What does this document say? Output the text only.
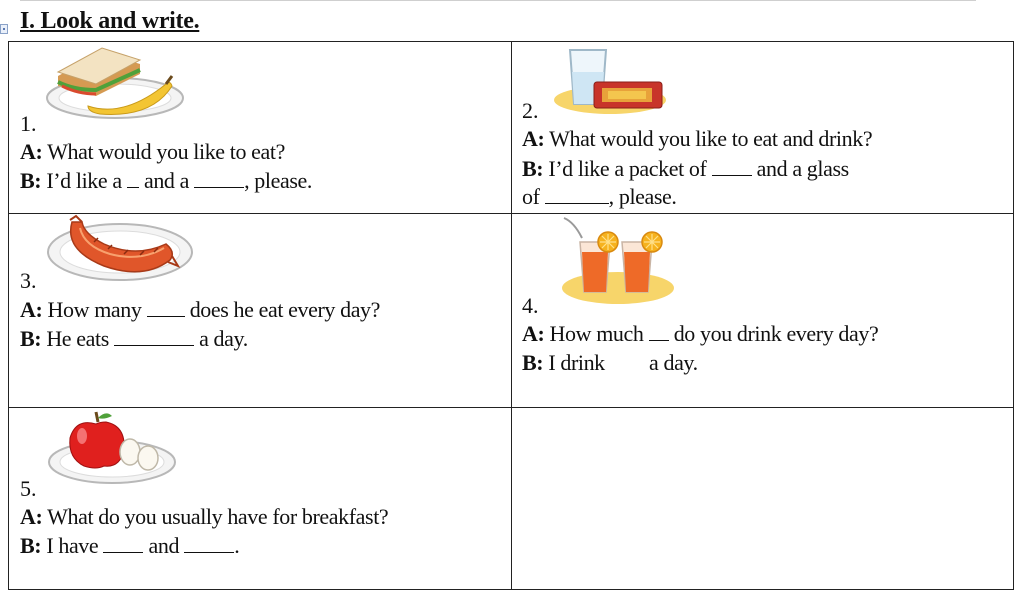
I. Look and write.
1.
A: What would you like to eat?
B: I’d like a and a	, please.
2.
A: What would you like to eat and drink?
B: I’d like a packet of and a glass
of	, please.
3.
A: How many does he eat every day?
B: He eats	a day.
4.
A: How much do you drink every day?
B: I drink a day.
5.
A: What do you usually have for breakfast?
B: I have and	.
